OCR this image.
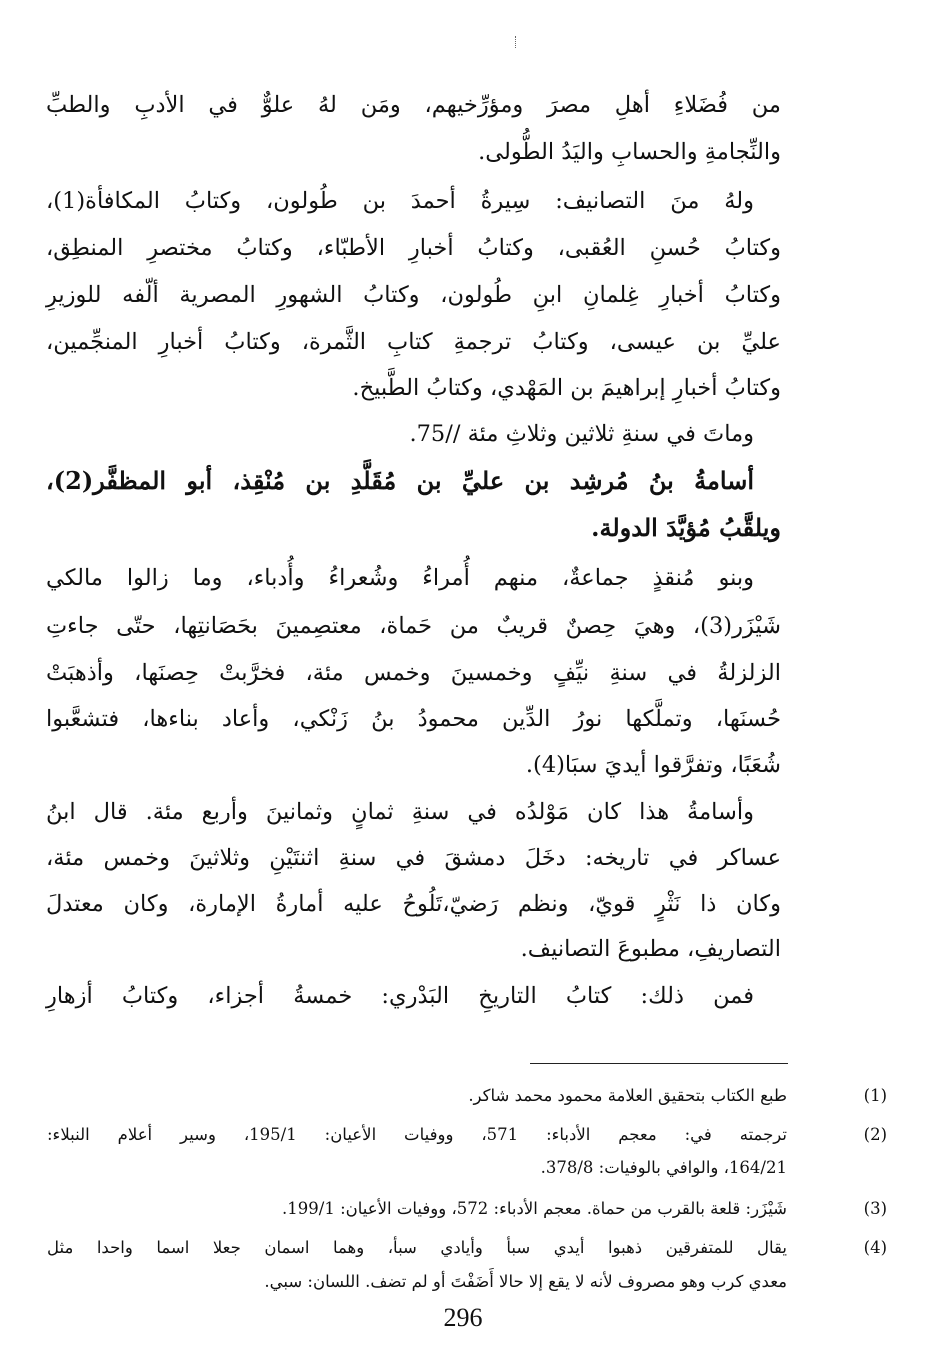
من فُضَلاءِ أهلِ مصرَ ومؤرِّخيهم، ومَن لهُ علوٌّ في الأدبِ والطبِّ
والنِّجامةِ والحسابِ واليَدُ الطُّولى.
ولهُ منَ التصانيف: سِيرةُ أحمدَ بن طُولون، وكتابُ المكافأة(1)،
وكتابُ حُسنِ العُقبى، وكتابُ أخبارِ الأطبّاء، وكتابُ مختصرِ المنطِق،
وكتابُ أخبارِ غِلمانِ ابنِ طُولون، وكتابُ الشهورِ المصرية ألّفه للوزيرِ
عليِّ بن عيسى، وكتابُ ترجمةِ كتابِ الثَّمرة، وكتابُ أخبارِ المنجِّمين،
وكتابُ أخبارِ إبراهيمَ بن المَهْدي، وكتابُ الطَّبيخ.
وماتَ في سنةِ ثلاثين وثلاثِ مئة //75.
أسامةُ بنُ مُرشِد بن عليِّ بن مُقَلَّدِ بن مُنْقِذ، أبو المظفَّر(2)،
ويلقَّبُ مُؤيَّدَ الدولة.
وبنو مُنقذٍ جماعةٌ، منهم أُمراءُ وشُعراءُ وأُدباء، وما زالوا مالكي
شَيْزَر(3)، وهيَ حِصنٌ قريبٌ من حَماة، معتصِمينَ بحَصَانتِها، حتّى جاءتِ
الزلزلةُ في سنةِ نيِّفٍ وخمسينَ وخمس مئة، فخرَّبتْ حِصنَها، وأذهبَتْ
حُسنَها، وتملَّكها نورُ الدِّين محمودُ بنُ زَنْكي، وأعاد بناءها، فتشعَّبوا
شُعَبًا، وتفرَّقوا أيديَ سبَا(4).
وأسامةُ هذا كان مَوْلدُه في سنةِ ثمانٍ وثمانينَ وأربع مئة. قال ابنُ
عساكر في تاريخه: دخَلَ دمشقَ في سنةِ اثنتَيْنِ وثلاثينَ وخمس مئة،
وكان ذا نَثْرٍ قويّ، ونظم رَضيّ،تَلُوحُ عليه أمارةُ الإمارة، وكان معتدلَ
التصاريفِ، مطبوعَ التصانيف.
فمن ذلك: كتابُ التاريخِ البَدْري: خمسةُ أجزاء، وكتابُ أزهارِ
(1)
طبع الكتاب بتحقيق العلامة محمود محمد شاكر.
(2)
ترجمته في: معجم الأدباء: 571، ووفيات الأعيان: 195/1، وسير أعلام النبلاء:
164/21، والوافي بالوفيات: 378/8.
(3)
شَيْزَر: قلعة بالقرب من حماة. معجم الأدباء: 572، ووفيات الأعيان: 199/1.
(4)
يقال للمتفرقين ذهبوا أيدي سبأ وأيادي سبأ، وهما اسمان جعلا اسما واحدا مثل
معدي كرب وهو مصروف لأنه لا يقع إلا حالا أَضَفْتَ أو لم تضف. اللسان: سبي.
296
